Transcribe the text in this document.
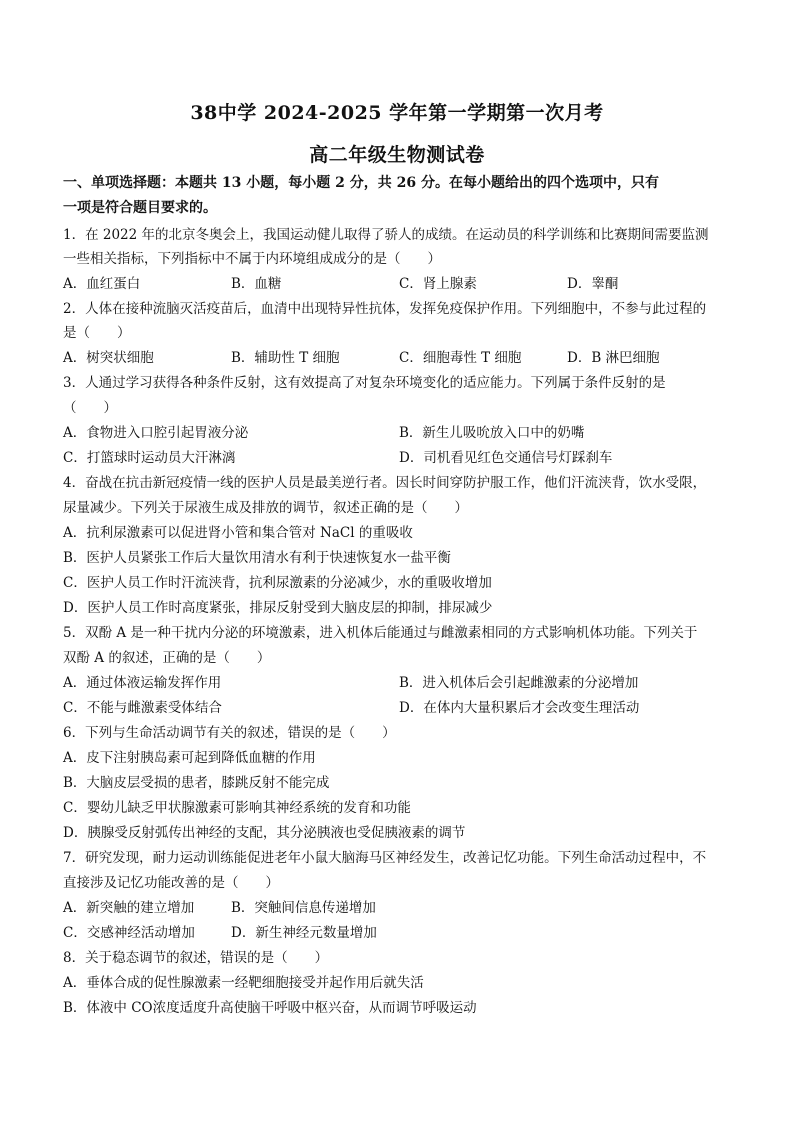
38中学 2024-2025 学年第一学期第一次月考
高二年级生物测试卷
一、单项选择题：本题共 13 小题，每小题 2 分，共 26 分。在每小题给出的四个选项中，只有
一项是符合题目要求的。
1．在 2022 年的北京冬奥会上，我国运动健儿取得了骄人的成绩。在运动员的科学训练和比赛期间需要监测
一些相关指标，下列指标中不属于内环境组成成分的是（　　）
A．血红蛋白	B．血糖	C．肾上腺素	D．睾酮
2．人体在接种流脑灭活疫苗后，血清中出现特异性抗体，发挥免疫保护作用。下列细胞中，不参与此过程的
是（　　）
A．树突状细胞	B．辅助性 T 细胞	C．细胞毒性 T 细胞	D．B 淋巴细胞
3．人通过学习获得各种条件反射，这有效提高了对复杂环境变化的适应能力。下列属于条件反射的是
（　　）
A．食物进入口腔引起胃液分泌	B．新生儿吸吮放入口中的奶嘴
C．打篮球时运动员大汗淋漓	D．司机看见红色交通信号灯踩刹车
4．奋战在抗击新冠疫情一线的医护人员是最美逆行者。因长时间穿防护服工作，他们汗流浃背，饮水受限，
尿量减少。下列关于尿液生成及排放的调节，叙述正确的是（　　）
A．抗利尿激素可以促进肾小管和集合管对 NaCl 的重吸收
B．医护人员紧张工作后大量饮用清水有利于快速恢复水一盐平衡
C．医护人员工作时汗流浃背，抗利尿激素的分泌减少，水的重吸收增加
D．医护人员工作时高度紧张，排尿反射受到大脑皮层的抑制，排尿减少
5．双酚 A 是一种干扰内分泌的环境激素，进入机体后能通过与雌激素相同的方式影响机体功能。下列关于
双酚 A 的叙述，正确的是（　　）
A．通过体液运输发挥作用	B．进入机体后会引起雌激素的分泌增加
C．不能与雌激素受体结合	D．在体内大量积累后才会改变生理活动
6．下列与生命活动调节有关的叙述，错误的是（　　）
A．皮下注射胰岛素可起到降低血糖的作用
B．大脑皮层受损的患者，膝跳反射不能完成
C．婴幼儿缺乏甲状腺激素可影响其神经系统的发育和功能
D．胰腺受反射弧传出神经的支配，其分泌胰液也受促胰液素的调节
7．研究发现，耐力运动训练能促进老年小鼠大脑海马区神经发生，改善记忆功能。下列生命活动过程中，不
直接涉及记忆功能改善的是（　　）
A．新突触的建立增加	B．突触间信息传递增加
C．交感神经活动增加	D．新生神经元数量增加
8．关于稳态调节的叙述，错误的是（　　）
A．垂体合成的促性腺激素一经靶细胞接受并起作用后就失活
B．体液中 CO浓度适度升高使脑干呼吸中枢兴奋，从而调节呼吸运动
